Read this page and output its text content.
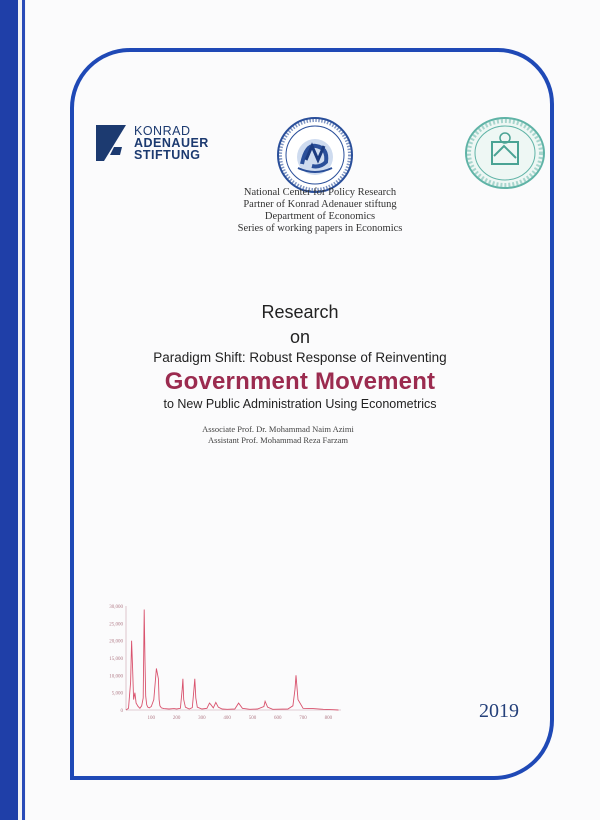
KONRAD
ADENAUER
STIFTUNG
National Center for Policy Research
Partner of Konrad Adenauer stiftung
Department of Economics
Series of working papers in Economics
Research
on
Paradigm Shift: Robust Response of Reinventing
Government Movement
to New Public Administration Using Econometrics
Associate Prof. Dr. Mohammad Naim Azimi
Assistant Prof. Mohammad Reza Farzam
0
5,000
10,000
15,000
20,000
25,000
30,000
100	200	300	400	500	600	700	800	2019
